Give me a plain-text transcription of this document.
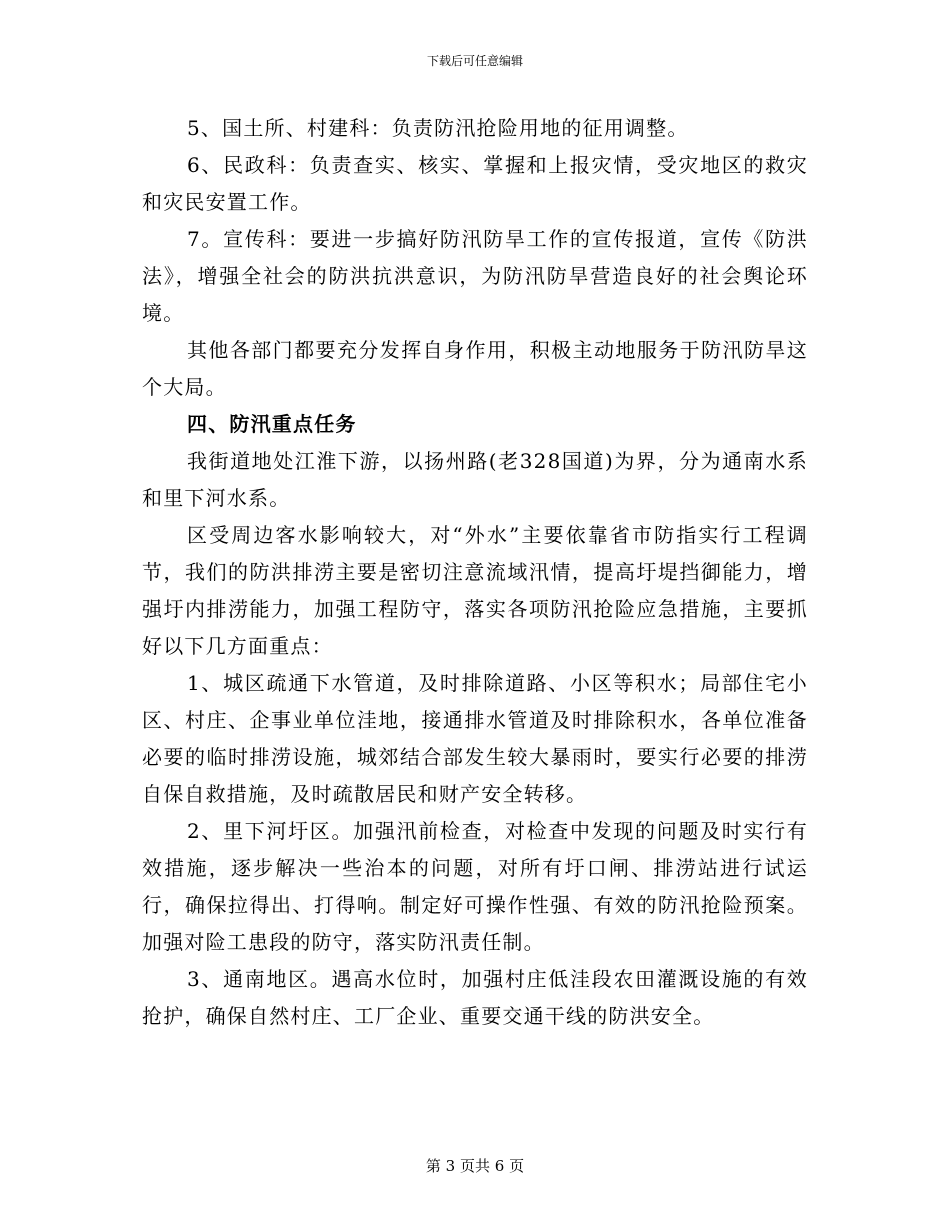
下载后可任意编辑

5、国土所、村建科：负责防汛抢险用地的征用调整。

6、民政科：负责查实、核实、掌握和上报灾情，受灾地区的救灾和灾民安置工作。

7。宣传科：要进一步搞好防汛防旱工作的宣传报道，宣传《防洪法》，增强全社会的防洪抗洪意识，为防汛防旱营造良好的社会舆论环境。

其他各部门都要充分发挥自身作用，积极主动地服务于防汛防旱这个大局。

四、防汛重点任务

我街道地处江淮下游，以扬州路(老328国道)为界，分为通南水系和里下河水系。

区受周边客水影响较大，对“外水”主要依靠省市防指实行工程调节，我们的防洪排涝主要是密切注意流域汛情，提高圩堤挡御能力，增强圩内排涝能力，加强工程防守，落实各项防汛抢险应急措施，主要抓好以下几方面重点：

1、城区疏通下水管道，及时排除道路、小区等积水；局部住宅小区、村庄、企事业单位洼地，接通排水管道及时排除积水，各单位准备必要的临时排涝设施，城郊结合部发生较大暴雨时，要实行必要的排涝自保自救措施，及时疏散居民和财产安全转移。

2、里下河圩区。加强汛前检查，对检查中发现的问题及时实行有效措施，逐步解决一些治本的问题，对所有圩口闸、排涝站进行试运行，确保拉得出、打得响。制定好可操作性强、有效的防汛抢险预案。加强对险工患段的防守，落实防汛责任制。

3、通南地区。遇高水位时，加强村庄低洼段农田灌溉设施的有效抢护，确保自然村庄、工厂企业、重要交通干线的防洪安全。

第 3 页共 6 页
